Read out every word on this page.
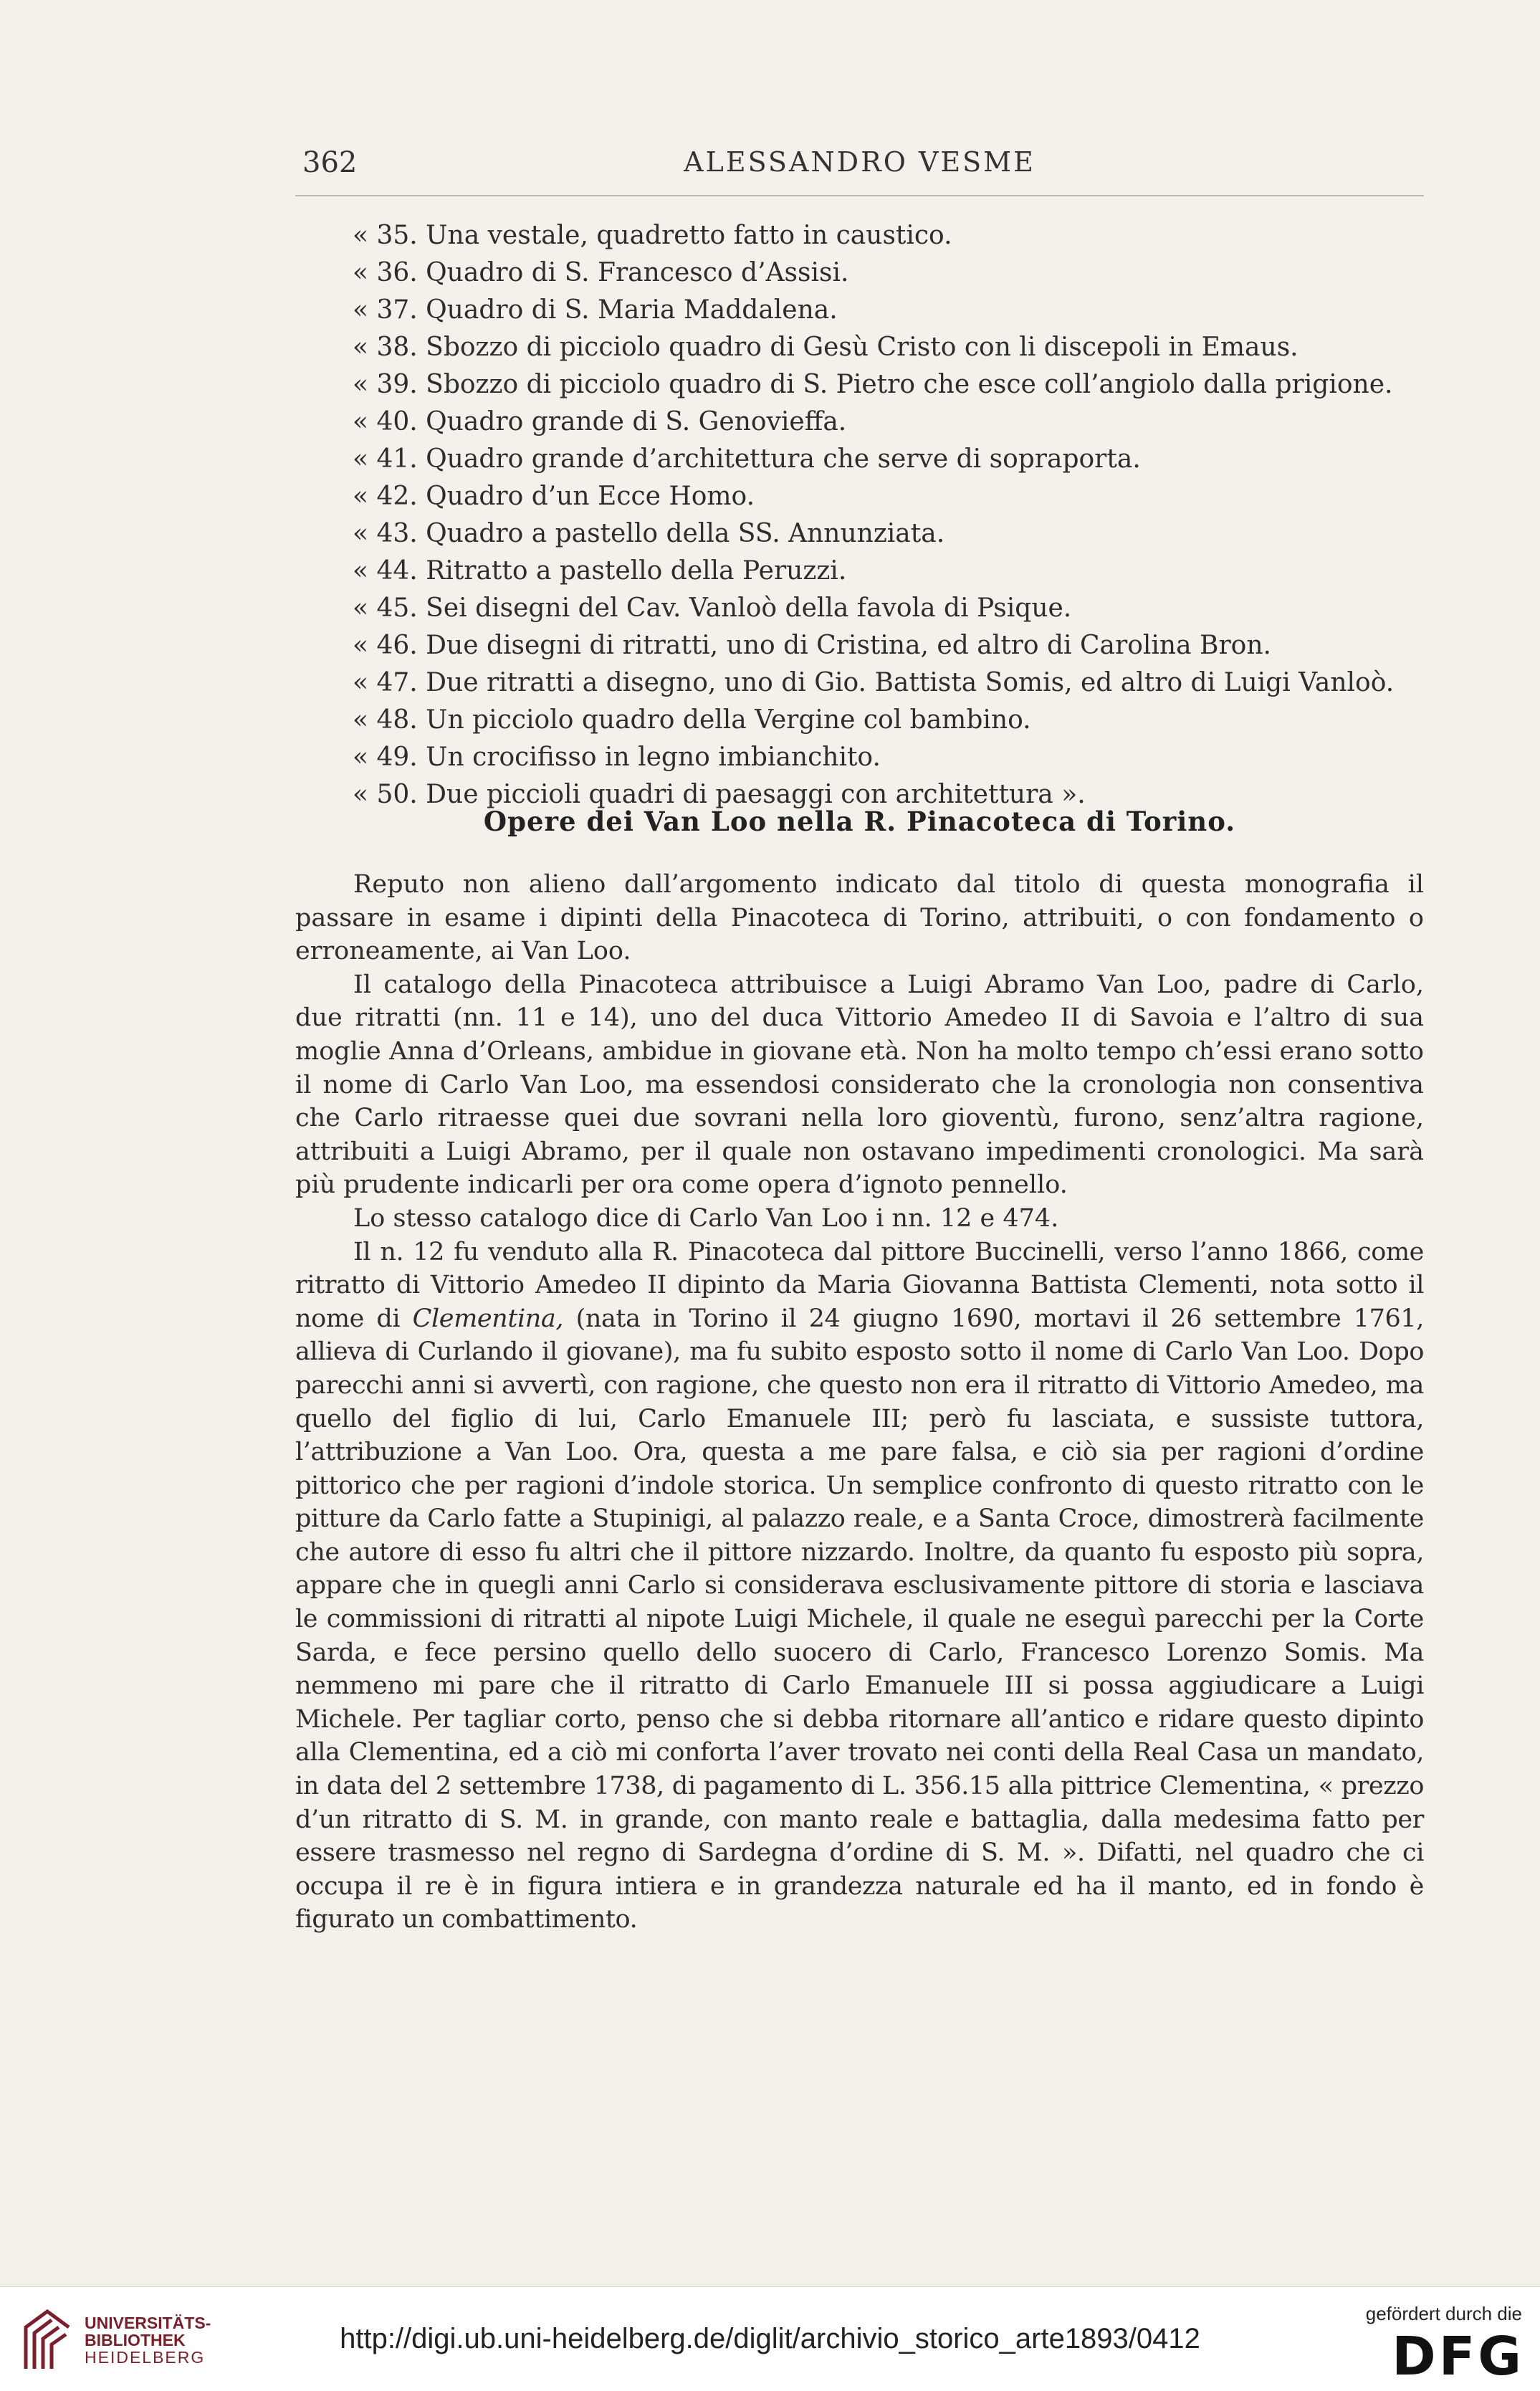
362	ALESSANDRO VESME
« 35. Una vestale, quadretto fatto in caustico.
« 36. Quadro di S. Francesco d’Assisi.
« 37. Quadro di S. Maria Maddalena.
« 38. Sbozzo di picciolo quadro di Gesù Cristo con li discepoli in Emaus.
« 39. Sbozzo di picciolo quadro di S. Pietro che esce coll’angiolo dalla prigione.
« 40. Quadro grande di S. Genovieffa.
« 41. Quadro grande d’architettura che serve di sopraporta.
« 42. Quadro d’un Ecce Homo.
« 43. Quadro a pastello della SS. Annunziata.
« 44. Ritratto a pastello della Peruzzi.
« 45. Sei disegni del Cav. Vanloò della favola di Psique.
« 46. Due disegni di ritratti, uno di Cristina, ed altro di Carolina Bron.
« 47. Due ritratti a disegno, uno di Gio. Battista Somis, ed altro di Luigi Vanloò.
« 48. Un picciolo quadro della Vergine col bambino.
« 49. Un crocifisso in legno imbianchito.
« 50. Due piccioli quadri di paesaggi con architettura ».
Opere dei Van Loo nella R. Pinacoteca di Torino.

Reputo non alieno dall’argomento indicato dal titolo di questa monografia il passare in esame i dipinti della Pinacoteca di Torino, attribuiti, o con fondamento o erroneamente, ai Van Loo.

Il catalogo della Pinacoteca attribuisce a Luigi Abramo Van Loo, padre di Carlo, due ritratti (nn. 11 e 14), uno del duca Vittorio Amedeo II di Savoia e l’altro di sua moglie Anna d’Orleans, ambidue in giovane età. Non ha molto tempo ch’essi erano sotto il nome di Carlo Van Loo, ma essendosi considerato che la cronologia non consentiva che Carlo ritraesse quei due sovrani nella loro gioventù, furono, senz’altra ragione, attribuiti a Luigi Abramo, per il quale non ostavano impedimenti cronologici. Ma sarà più prudente indicarli per ora come opera d’ignoto pennello.

Lo stesso catalogo dice di Carlo Van Loo i nn. 12 e 474.

Il n. 12 fu venduto alla R. Pinacoteca dal pittore Buccinelli, verso l’anno 1866, come ritratto di Vittorio Amedeo II dipinto da Maria Giovanna Battista Clementi, nota sotto il nome di Clementina, (nata in Torino il 24 giugno 1690, mortavi il 26 settembre 1761, allieva di Curlando il giovane), ma fu subito esposto sotto il nome di Carlo Van Loo. Dopo parecchi anni si avvertì, con ragione, che questo non era il ritratto di Vittorio Amedeo, ma quello del figlio di lui, Carlo Emanuele III; però fu lasciata, e sussiste tuttora, l’attribuzione a Van Loo. Ora, questa a me pare falsa, e ciò sia per ragioni d’ordine pittorico che per ragioni d’indole storica. Un semplice confronto di questo ritratto con le pitture da Carlo fatte a Stupinigi, al palazzo reale, e a Santa Croce, dimostrerà facilmente che autore di esso fu altri che il pittore nizzardo. Inoltre, da quanto fu esposto più sopra, appare che in quegli anni Carlo si considerava esclusivamente pittore di storia e lasciava le commissioni di ritratti al nipote Luigi Michele, il quale ne eseguì parecchi per la Corte Sarda, e fece persino quello dello suocero di Carlo, Francesco Lorenzo Somis. Ma nemmeno mi pare che il ritratto di Carlo Emanuele III si possa aggiudicare a Luigi Michele. Per tagliar corto, penso che si debba ritornare all’antico e ridare questo dipinto alla Clementina, ed a ciò mi conforta l’aver trovato nei conti della Real Casa un mandato, in data del 2 settembre 1738, di pagamento di L. 356.15 alla pittrice Clementina, « prezzo d’un ritratto di S. M. in grande, con manto reale e battaglia, dalla medesima fatto per essere trasmesso nel regno di Sardegna d’ordine di S. M. ». Difatti, nel quadro che ci occupa il re è in figura intiera e in grandezza naturale ed ha il manto, ed in fondo è figurato un combattimento.

UNIVERSITÄTS-
BIBLIOTHEK
HEIDELBERG
http://digi.ub.uni-heidelberg.de/diglit/archivio_storico_arte1893/0412
gefördert durch die
DFG
